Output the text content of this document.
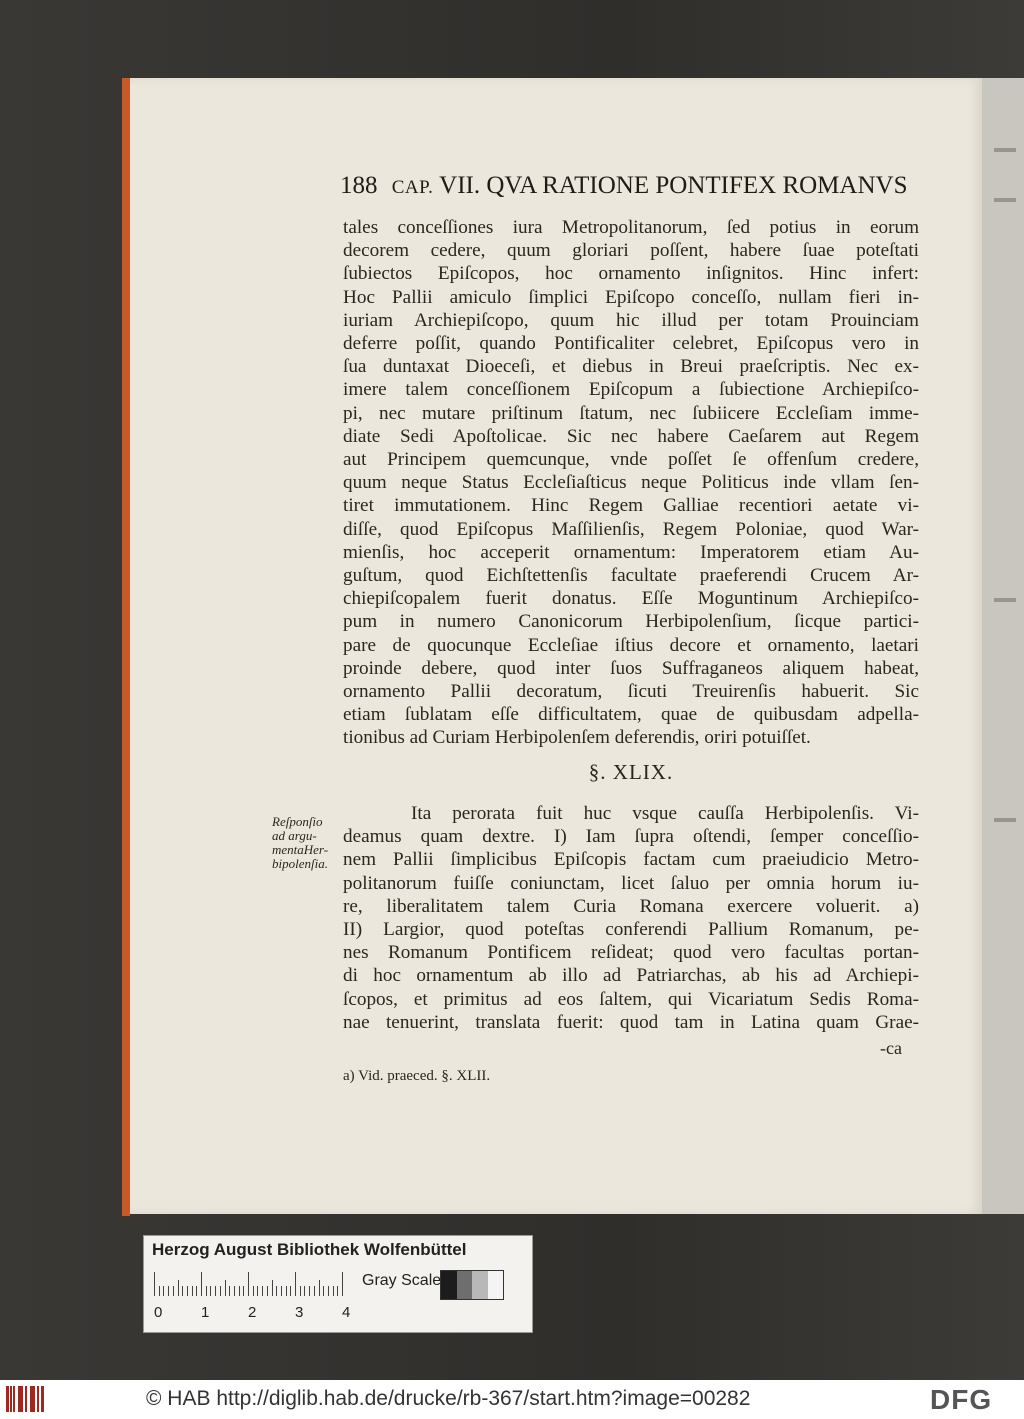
188 CAP. VII. QVA RATIONE PONTIFEX ROMANVS
tales conceſſiones iura Metropolitanorum, ſed potius in eorum
decorem cedere, quum gloriari poſſent, habere ſuae poteſtati
ſubiectos Epiſcopos, hoc ornamento inſignitos. Hinc infert:
Hoc Pallii amiculo ſimplici Epiſcopo conceſſo, nullam fieri in-
iuriam Archiepiſcopo, quum hic illud per totam Prouinciam
deferre poſſit, quando Pontificaliter celebret, Epiſcopus vero in
ſua duntaxat Dioeceſi, et diebus in Breui praeſcriptis. Nec ex-
imere talem conceſſionem Epiſcopum a ſubiectione Archiepiſco-
pi, nec mutare priſtinum ſtatum, nec ſubiicere Eccleſiam imme-
diate Sedi Apoſtolicae. Sic nec habere Caeſarem aut Regem
aut Principem quemcunque, vnde poſſet ſe offenſum credere,
quum neque Status Eccleſiaſticus neque Politicus inde vllam ſen-
tiret immutationem. Hinc Regem Galliae recentiori aetate vi-
diſſe, quod Epiſcopus Maſſilienſis, Regem Poloniae, quod War-
mienſis, hoc acceperit ornamentum: Imperatorem etiam Au-
guſtum, quod Eichſtettenſis facultate praeferendi Crucem Ar-
chiepiſcopalem fuerit donatus. Eſſe Moguntinum Archiepiſco-
pum in numero Canonicorum Herbipolenſium, ſicque partici-
pare de quocunque Eccleſiae iſtius decore et ornamento, laetari
proinde debere, quod inter ſuos Suffraganeos aliquem habeat,
ornamento Pallii decoratum, ſicuti Treuirenſis habuerit. Sic
etiam ſublatam eſſe difficultatem, quae de quibusdam adpella-
tionibus ad Curiam Herbipolenſem deferendis, oriri potuiſſet.
§. XLIX.
Reſponſio
ad argu-
mentaHer-
bipolenſia.
Ita perorata fuit huc vsque cauſſa Herbipolenſis. Vi-
deamus quam dextre. I) Iam ſupra oſtendi, ſemper conceſſio-
nem Pallii ſimplicibus Epiſcopis factam cum praeiudicio Metro-
politanorum fuiſſe coniunctam, licet ſaluo per omnia horum iu-
re, liberalitatem talem Curia Romana exercere voluerit. a)
II) Largior, quod poteſtas conferendi Pallium Romanum, pe-
nes Romanum Pontificem reſideat; quod vero facultas portan-
di hoc ornamentum ab illo ad Patriarchas, ab his ad Archiepi-
ſcopos, et primitus ad eos ſaltem, qui Vicariatum Sedis Roma-
nae tenuerint, translata fuerit: quod tam in Latina quam Grae-
-ca
a) Vid. praeced. §. XLII.
Herzog August Bibliothek Wolfenbüttel
0	1	2	3	4
Gray Scale
© HAB http://diglib.hab.de/drucke/rb-367/start.htm?image=00282	DFG
